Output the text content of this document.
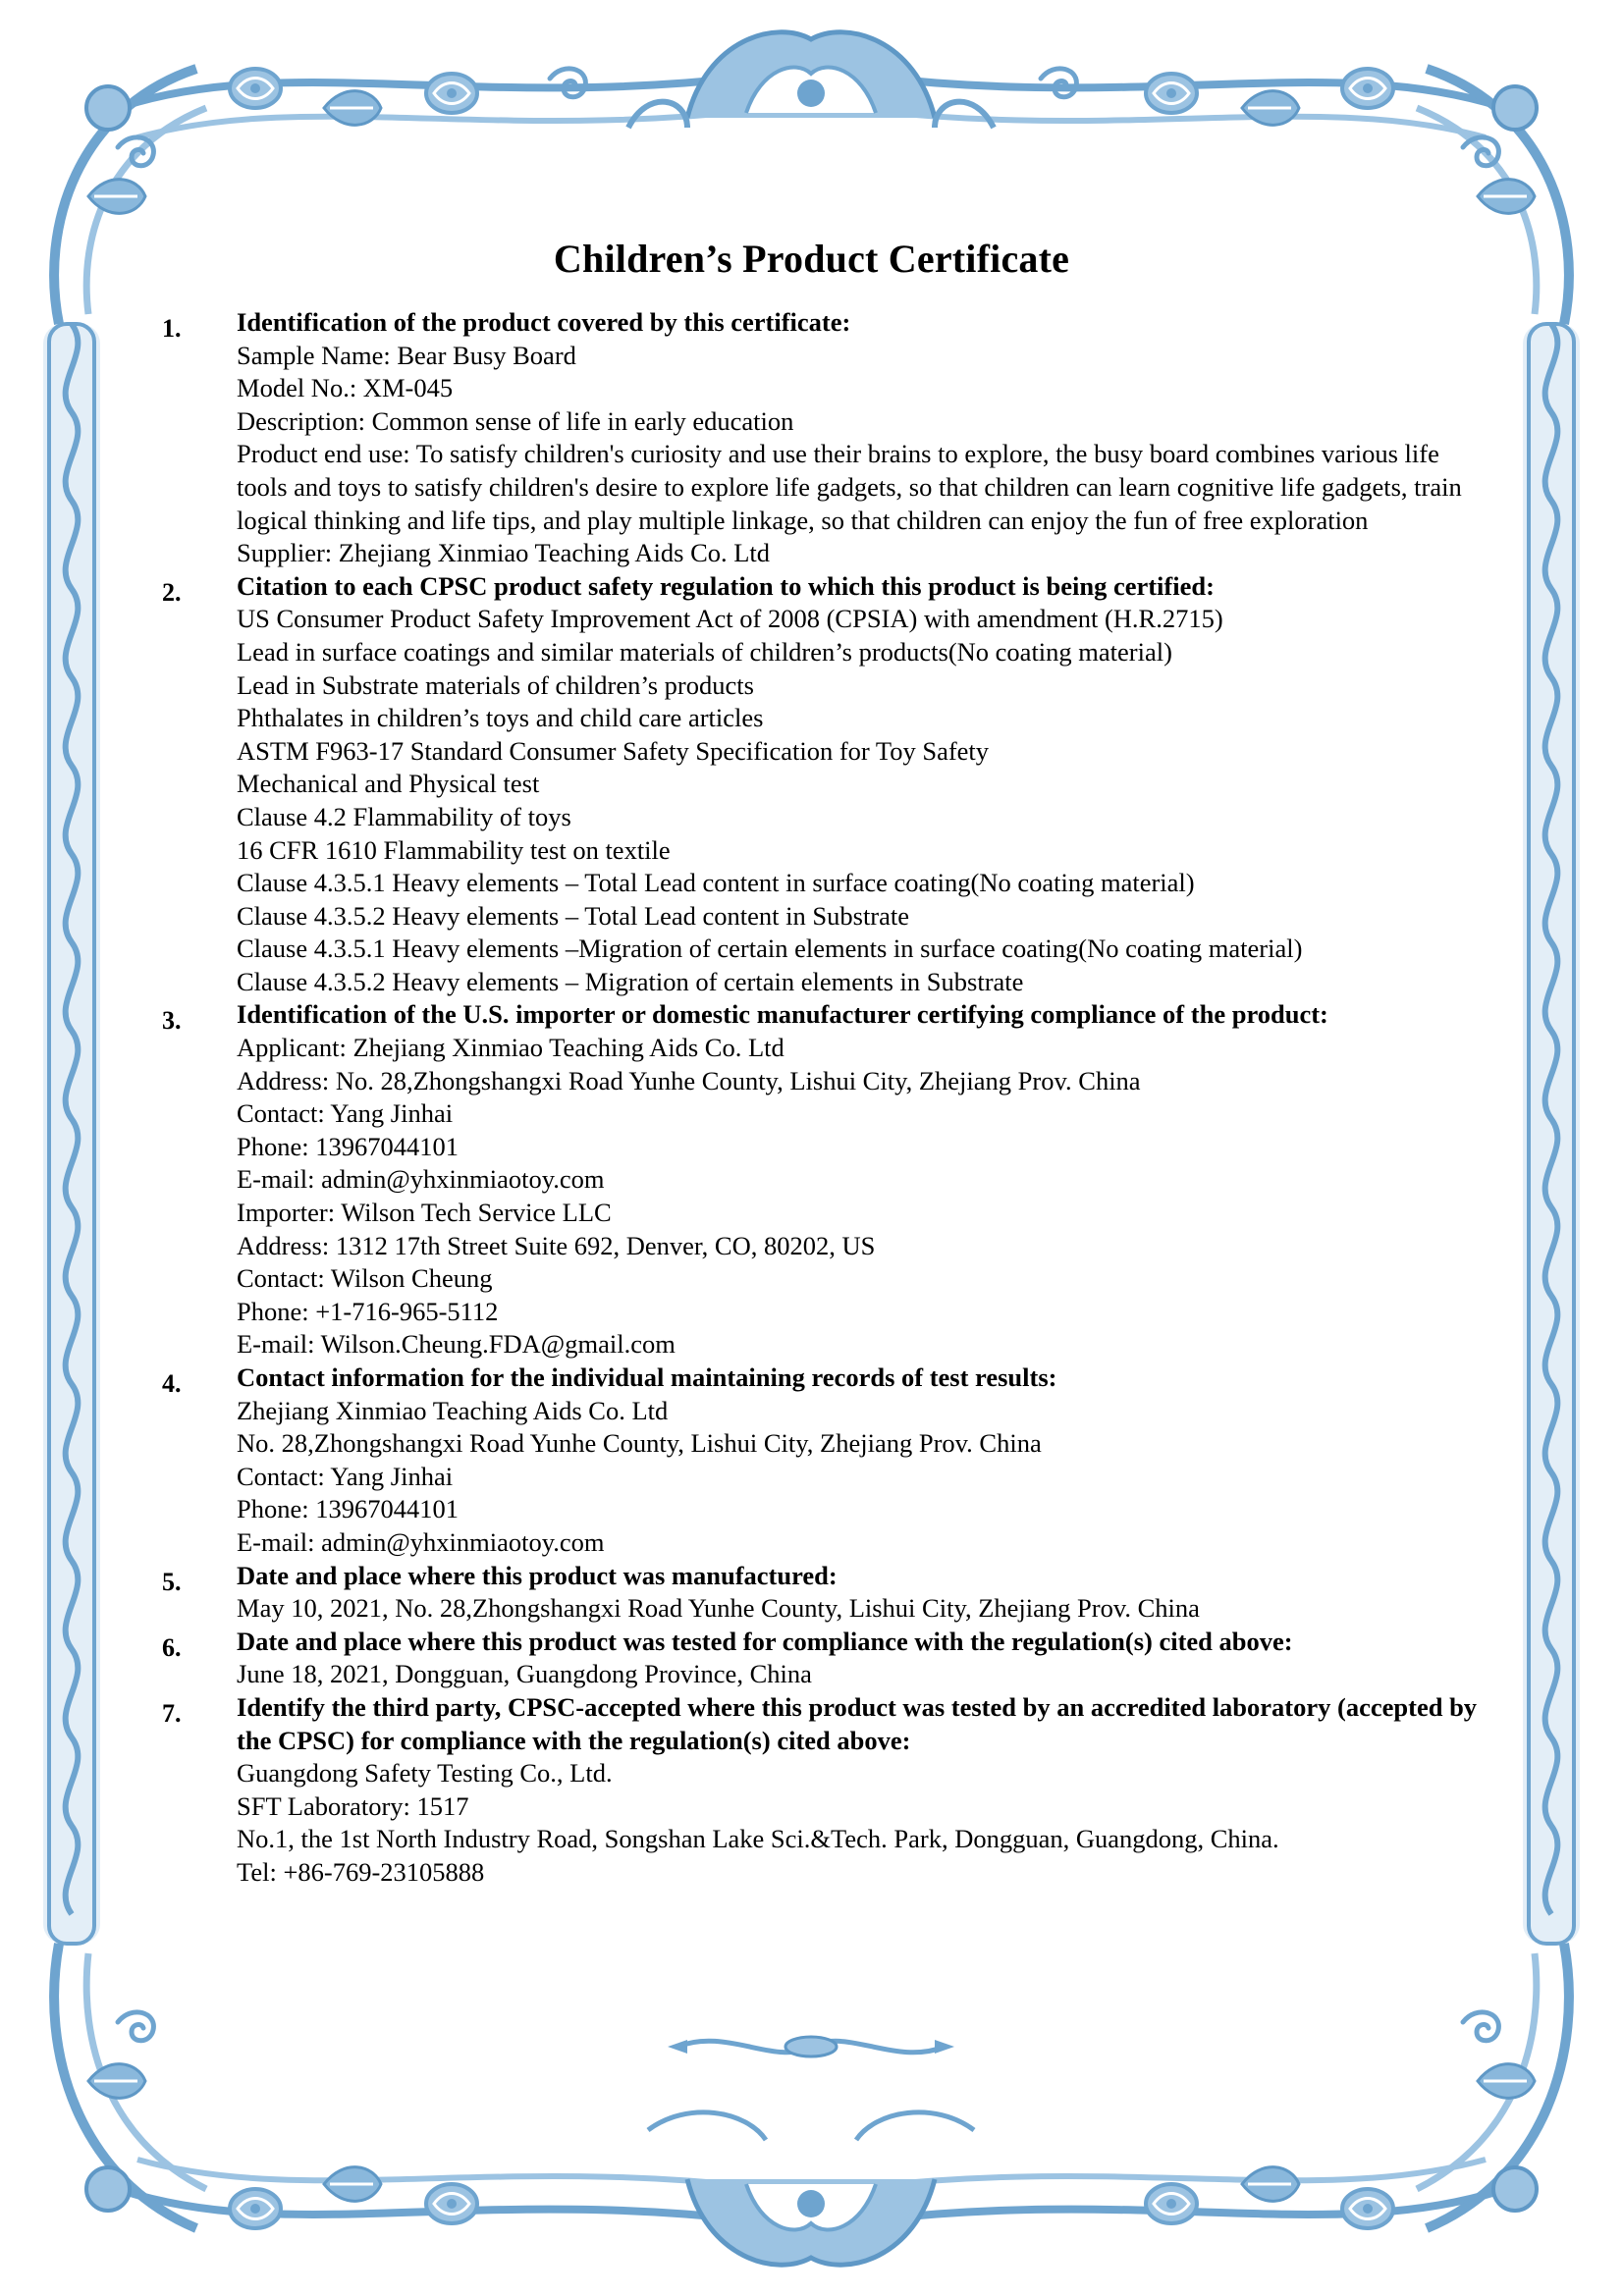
Children’s Product Certificate
1. Identification of the product covered by this certificate:
Sample Name: Bear Busy Board
Model No.: XM-045
Description: Common sense of life in early education
Product end use: To satisfy children's curiosity and use their brains to explore, the busy board combines various life tools and toys to satisfy children's desire to explore life gadgets, so that children can learn cognitive life gadgets, train logical thinking and life tips, and play multiple linkage, so that children can enjoy the fun of free exploration
Supplier: Zhejiang Xinmiao Teaching Aids Co. Ltd
2. Citation to each CPSC product safety regulation to which this product is being certified:
US Consumer Product Safety Improvement Act of 2008 (CPSIA) with amendment (H.R.2715)
Lead in surface coatings and similar materials of children’s products(No coating material)
Lead in Substrate materials of children’s products
Phthalates in children’s toys and child care articles
ASTM F963-17 Standard Consumer Safety Specification for Toy Safety
Mechanical and Physical test
Clause 4.2 Flammability of toys
16 CFR 1610 Flammability test on textile
Clause 4.3.5.1 Heavy elements – Total Lead content in surface coating(No coating material)
Clause 4.3.5.2 Heavy elements – Total Lead content in Substrate
Clause 4.3.5.1 Heavy elements –Migration of certain elements in surface coating(No coating material)
Clause 4.3.5.2 Heavy elements – Migration of certain elements in Substrate
3. Identification of the U.S. importer or domestic manufacturer certifying compliance of the product:
Applicant: Zhejiang Xinmiao Teaching Aids Co. Ltd
Address: No. 28,Zhongshangxi Road Yunhe County, Lishui City, Zhejiang Prov. China
Contact: Yang Jinhai
Phone: 13967044101
E-mail: admin@yhxinmiaotoy.com
Importer: Wilson Tech Service LLC
Address: 1312 17th Street Suite 692, Denver, CO, 80202, US
Contact: Wilson Cheung
Phone: +1-716-965-5112
E-mail: Wilson.Cheung.FDA@gmail.com
4. Contact information for the individual maintaining records of test results:
Zhejiang Xinmiao Teaching Aids Co. Ltd
No. 28,Zhongshangxi Road Yunhe County, Lishui City, Zhejiang Prov. China
Contact: Yang Jinhai
Phone: 13967044101
E-mail: admin@yhxinmiaotoy.com
5. Date and place where this product was manufactured:
May 10, 2021, No. 28,Zhongshangxi Road Yunhe County, Lishui City, Zhejiang Prov. China
6. Date and place where this product was tested for compliance with the regulation(s) cited above:
June 18, 2021, Dongguan, Guangdong Province, China
7. Identify the third party, CPSC-accepted where this product was tested by an accredited laboratory (accepted by the CPSC) for compliance with the regulation(s) cited above:
Guangdong Safety Testing Co., Ltd.
SFT Laboratory: 1517
No.1, the 1st North Industry Road, Songshan Lake Sci.&Tech. Park, Dongguan, Guangdong, China.
Tel: +86-769-23105888
